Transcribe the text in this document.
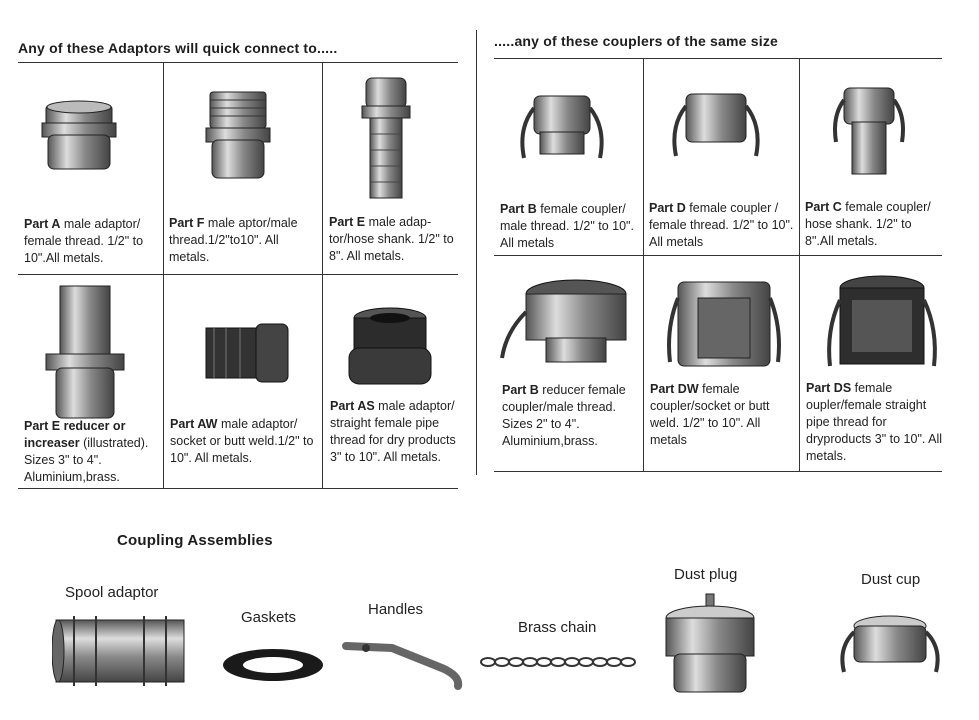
Any of these Adaptors will quick connect to.....	.....any of these couplers of the same size
Part A male adaptor/ female thread. 1/2" to 10".All metals.
Part F male aptor/male thread.1/2"to10". All metals.
Part E male adap-tor/hose shank. 1/2" to 8". All metals.
Part E reducer or increaser (illustrated). Sizes 3" to 4". Aluminium,brass.
Part AW male adaptor/ socket or butt weld.1/2" to 10". All metals.
Part AS male adaptor/ straight female pipe thread for dry products 3" to 10". All metals.
Part B female coupler/ male thread. 1/2" to 10". All metals
Part D female coupler / female thread. 1/2" to 10". All metals
Part C female coupler/ hose shank. 1/2" to 8".All metals.
Part B reducer female coupler/male thread. Sizes 2" to 4". Aluminium,brass.
Part DW female coupler/socket or butt weld. 1/2" to 10". All metals
Part DS female oupler/female straight pipe thread for dryproducts 3" to 10". All metals.
Coupling Assemblies
Spool adaptor
Gaskets	Handles
Brass chain
Dust plug	Dust cup
